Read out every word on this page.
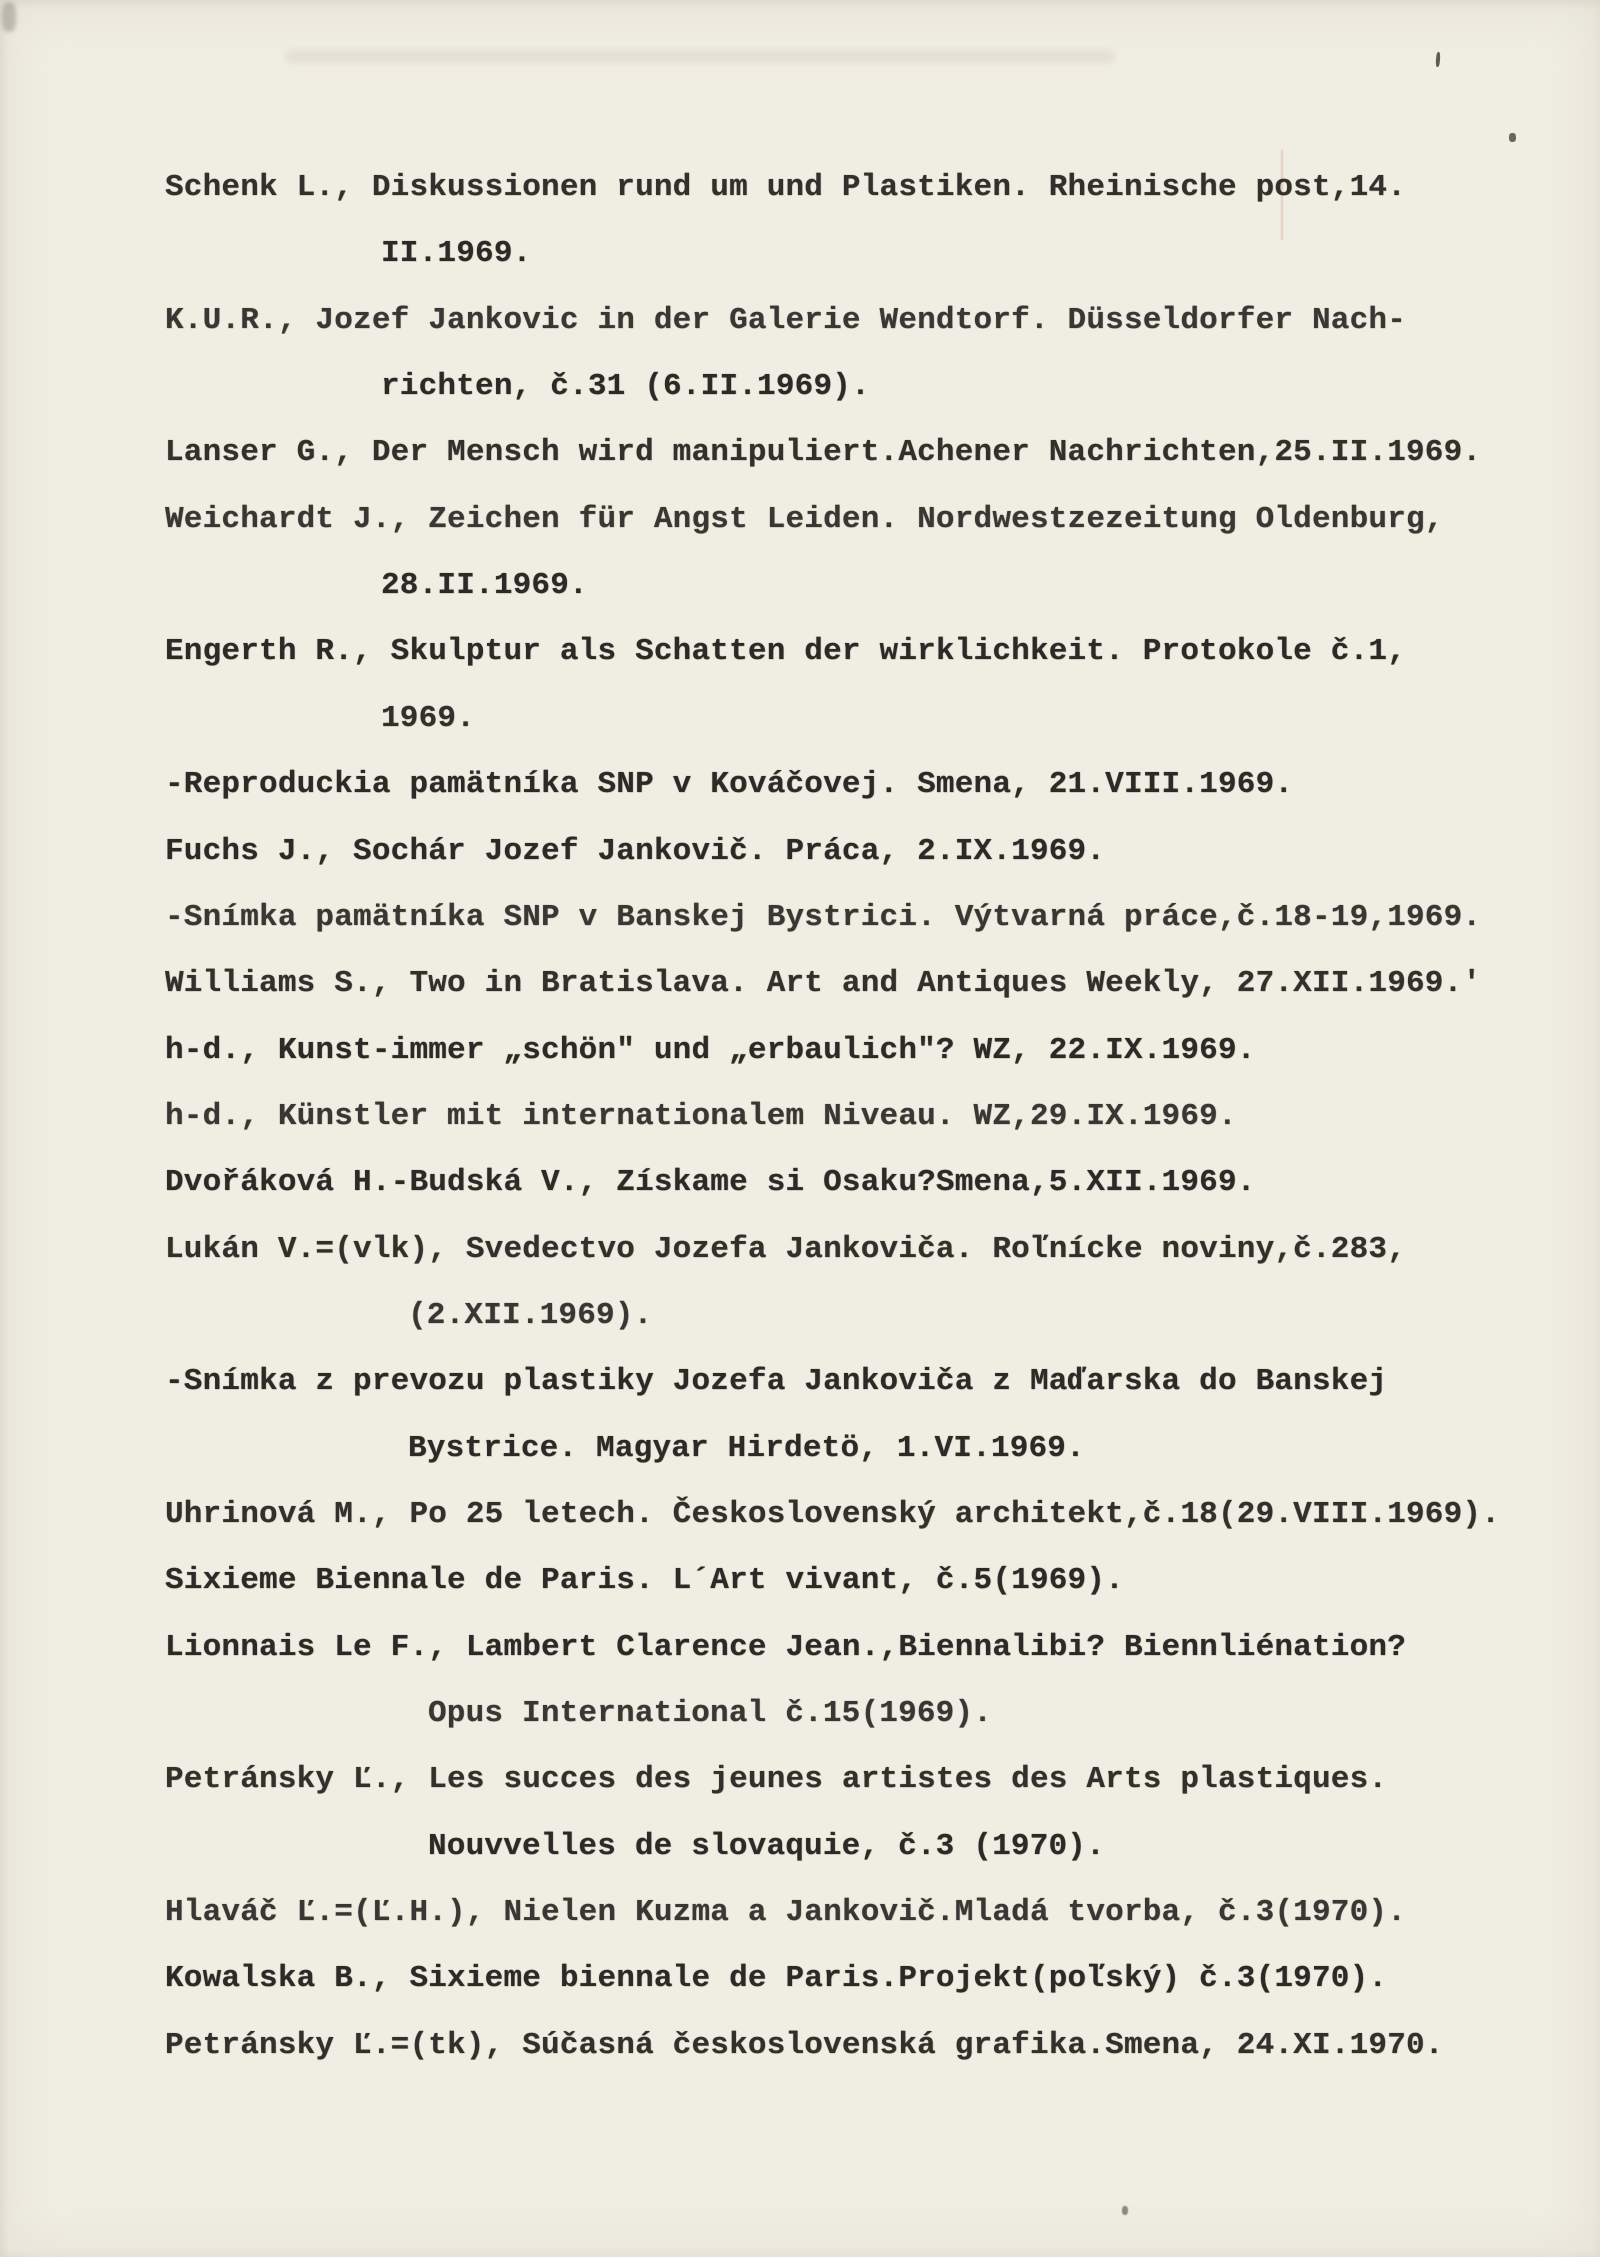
Schenk L., Diskussionen rund um und Plastiken. Rheinische post,14.
II.1969.
K.U.R., Jozef Jankovic in der Galerie Wendtorf. Düsseldorfer Nach-
richten, č.31 (6.II.1969).
Lanser G., Der Mensch wird manipuliert.Achener Nachrichten,25.II.1969.
Weichardt J., Zeichen für Angst Leiden. Nordwestzezeitung Oldenburg,
28.II.1969.
Engerth R., Skulptur als Schatten der wirklichkeit. Protokole č.1,
1969.
-Reproduckia pamätníka SNP v Kováčovej. Smena, 21.VIII.1969.
Fuchs J., Sochár Jozef Jankovič. Práca, 2.IX.1969.
-Snímka pamätníka SNP v Banskej Bystrici. Výtvarná práce,č.18-19,1969.
Williams S., Two in Bratislava. Art and Antiques Weekly, 27.XII.1969.'
h-d., Kunst-immer „schön" und „erbaulich"? WZ, 22.IX.1969.
h-d., Künstler mit internationalem Niveau. WZ,29.IX.1969.
Dvořáková H.-Budská V., Získame si Osaku?Smena,5.XII.1969.
Lukán V.=(vlk), Svedectvo Jozefa Jankoviča. Roľnícke noviny,č.283,
(2.XII.1969).
-Snímka z prevozu plastiky Jozefa Jankoviča z Maďarska do Banskej
Bystrice. Magyar Hirdetö, 1.VI.1969.
Uhrinová M., Po 25 letech. Československý architekt,č.18(29.VIII.1969).
Sixieme Biennale de Paris. L´Art vivant, č.5(1969).
Lionnais Le F., Lambert Clarence Jean.,Biennalibi? Biennliénation?
Opus International č.15(1969).
Petránsky Ľ., Les succes des jeunes artistes des Arts plastiques.
Nouvvelles de slovaquie, č.3 (1970).
Hlaváč Ľ.=(Ľ.H.), Nielen Kuzma a Jankovič.Mladá tvorba, č.3(1970).
Kowalska B., Sixieme biennale de Paris.Projekt(poľský) č.3(1970).
Petránsky Ľ.=(tk), Súčasná československá grafika.Smena, 24.XI.1970.
